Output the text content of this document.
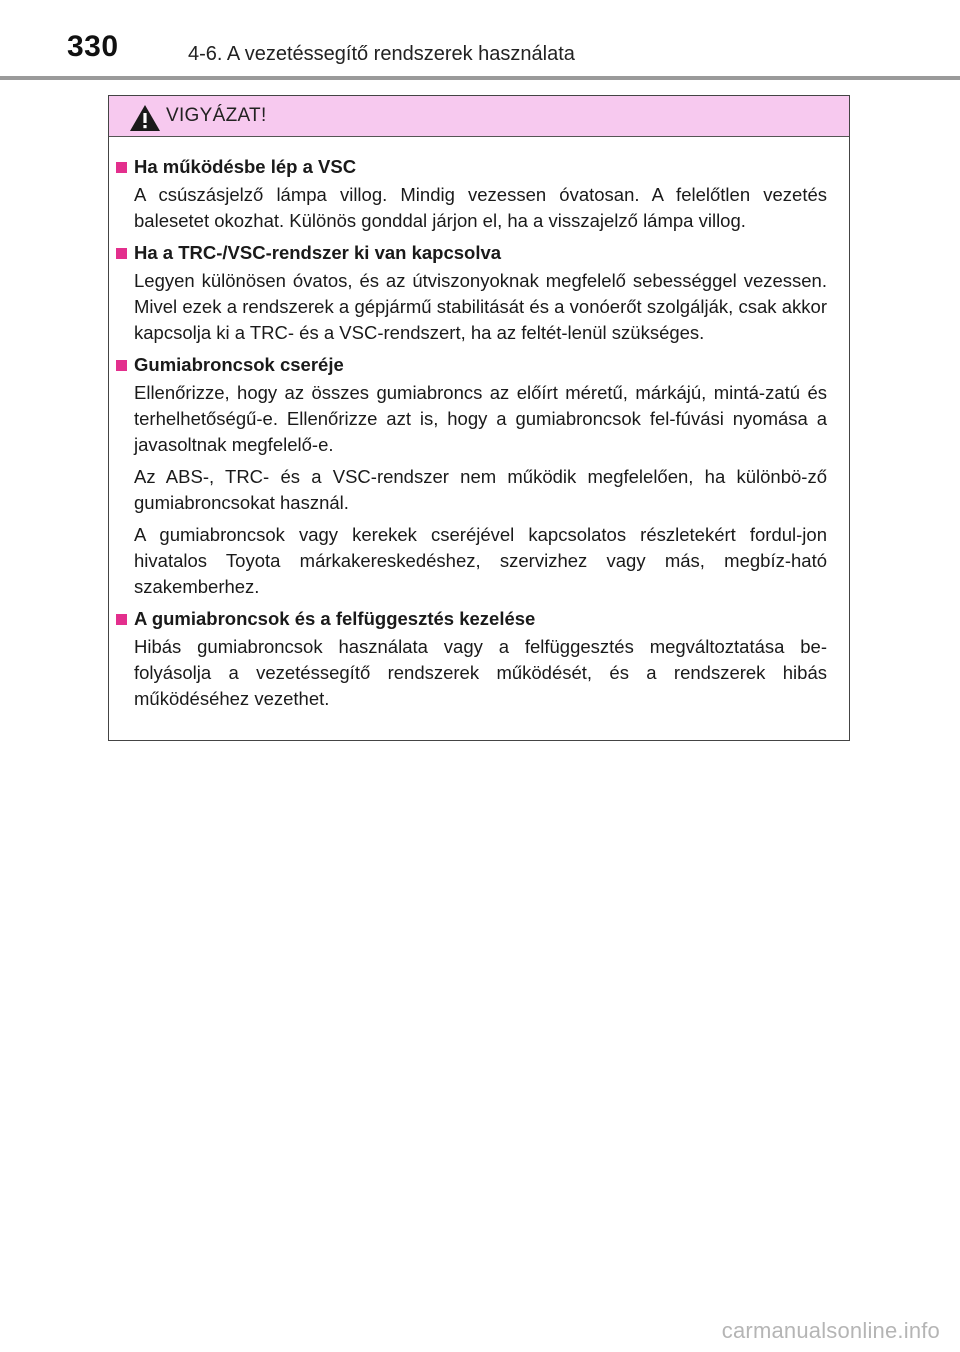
330	4-6. A vezetéssegítő rendszerek használata
VIGYÁZAT!
Ha működésbe lép a VSC

A csúszásjelző lámpa villog. Mindig vezessen óvatosan. A felelőtlen vezetés balesetet okozhat. Különös gonddal járjon el, ha a visszajelző lámpa villog.

Ha a TRC-/VSC-rendszer ki van kapcsolva

Legyen különösen óvatos, és az útviszonyoknak megfelelő sebességgel vezessen. Mivel ezek a rendszerek a gépjármű stabilitását és a vonóerőt szolgálják, csak akkor kapcsolja ki a TRC- és a VSC-rendszert, ha az feltét-lenül szükséges.

Gumiabroncsok cseréje

Ellenőrizze, hogy az összes gumiabroncs az előírt méretű, márkájú, mintá-zatú és terhelhetőségű-e. Ellenőrizze azt is, hogy a gumiabroncsok fel-fúvási nyomása a javasoltnak megfelelő-e.

Az ABS-, TRC- és a VSC-rendszer nem működik megfelelően, ha különbö-ző gumiabroncsokat használ.

A gumiabroncsok vagy kerekek cseréjével kapcsolatos részletekért fordul-jon hivatalos Toyota márkakereskedéshez, szervizhez vagy más, megbíz-ható szakemberhez.

A gumiabroncsok és a felfüggesztés kezelése

Hibás gumiabroncsok használata vagy a felfüggesztés megváltoztatása be-folyásolja a vezetéssegítő rendszerek működését, és a rendszerek hibás működéséhez vezethet.

carmanualsonline.info
